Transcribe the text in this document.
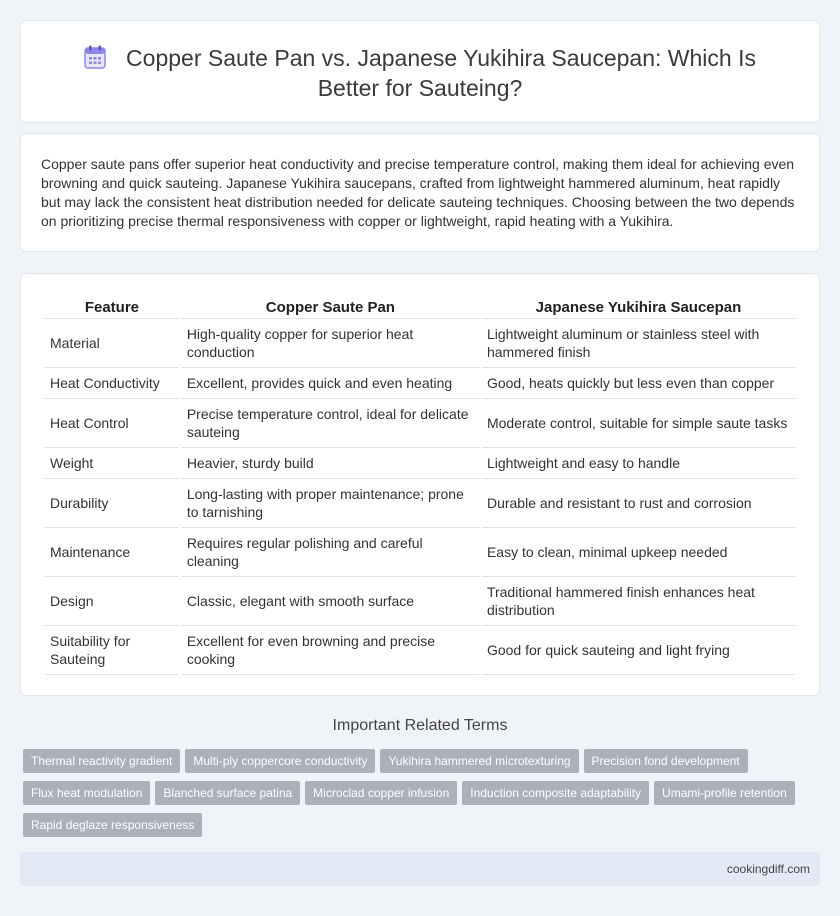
Copper Saute Pan vs. Japanese Yukihira Saucepan: Which Is Better for Sauteing?

Copper saute pans offer superior heat conductivity and precise temperature control, making them ideal for achieving even browning and quick sauteing. Japanese Yukihira saucepans, crafted from lightweight hammered aluminum, heat rapidly but may lack the consistent heat distribution needed for delicate sauteing techniques. Choosing between the two depends on prioritizing precise thermal responsiveness with copper or lightweight, rapid heating with a Yukihira.

Feature	Copper Saute Pan	Japanese Yukihira Saucepan
Material	High-quality copper for superior heat conduction	Lightweight aluminum or stainless steel with hammered finish
Heat Conductivity	Excellent, provides quick and even heating	Good, heats quickly but less even than copper
Heat Control	Precise temperature control, ideal for delicate sauteing	Moderate control, suitable for simple saute tasks
Weight	Heavier, sturdy build	Lightweight and easy to handle
Durability	Long-lasting with proper maintenance; prone to tarnishing	Durable and resistant to rust and corrosion
Maintenance	Requires regular polishing and careful cleaning	Easy to clean, minimal upkeep needed
Design	Classic, elegant with smooth surface	Traditional hammered finish enhances heat distribution
Suitability for Sauteing	Excellent for even browning and precise cooking	Good for quick sauteing and light frying
Important Related Terms
Thermal reactivity gradient Multi-ply coppercore conductivity Yukihira hammered microtexturing Precision fond development
Flux heat modulation Blanched surface patina Microclad copper infusion Induction composite adaptability Umami-profile retention
Rapid deglaze responsiveness
cookingdiff.com
